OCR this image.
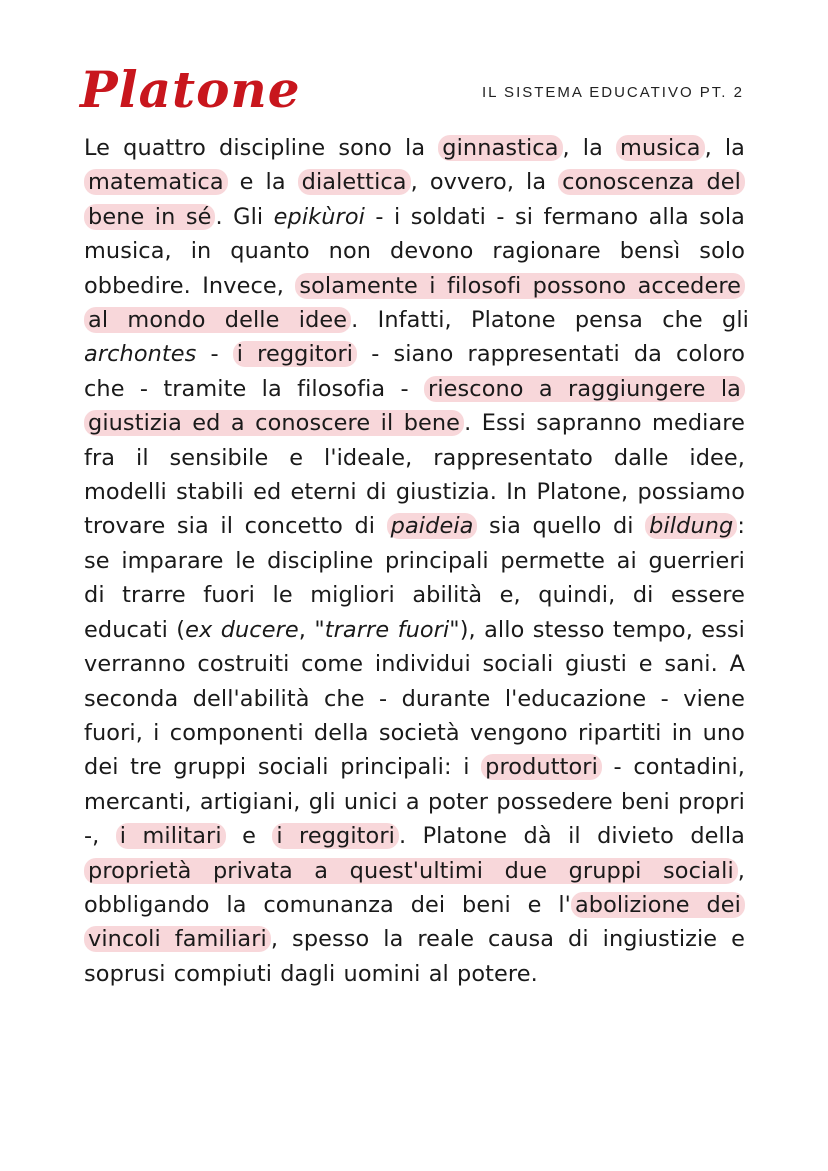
Platone	IL SISTEMA EDUCATIVO PT. 2

Le quattro discipline sono la ginnastica , la musica , la matematica e la dialettica , ovvero, la conoscenza del bene in sé . Gli epikùroi - i soldati - si fermano alla sola musica, in quanto non devono ragionare bensì solo obbedire. Invece, solamente i filosofi possono accedere al mondo delle idee . Infatti, Platone pensa che gli archontes - i reggitori - siano rappresentati da coloro che - tramite la filosofia - riescono a raggiungere la giustizia ed a conoscere il bene . Essi sapranno mediare fra il sensibile e l'ideale, rappresentato dalle idee, modelli stabili ed eterni di giustizia. In Platone, possiamo trovare sia il concetto di paideia sia quello di bildung : se imparare le discipline principali permette ai guerrieri di trarre fuori le migliori abilità e, quindi, di essere educati (ex ducere, "trarre fuori"), allo stesso tempo, essi verranno costruiti come individui sociali giusti e sani. A seconda dell'abilità che - durante l'educazione - viene fuori, i componenti della società vengono ripartiti in uno dei tre gruppi sociali principali: i produttori - contadini, mercanti, artigiani, gli unici a poter possedere beni propri -, i militari e i reggitori . Platone dà il divieto della proprietà privata a quest'ultimi due gruppi sociali , obbligando la comunanza dei beni e l' abolizione dei vincoli familiari , spesso la reale causa di ingiustizie e soprusi compiuti dagli uomini al potere.
